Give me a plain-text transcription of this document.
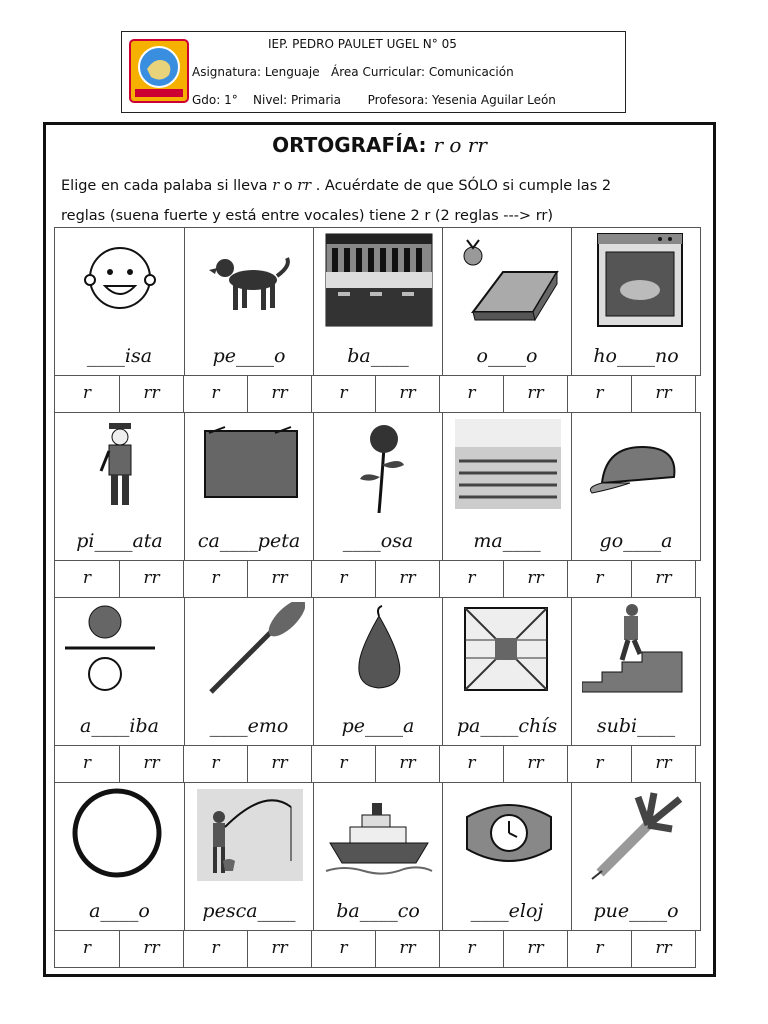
IEP. PEDRO PAULET UGEL N° 05
Asignatura: Lenguaje   Área Curricular: Comunicación
Gdo: 1°    Nivel: Primaria       Profesora: Yesenia Aguilar León
ORTOGRAFÍA: r o rr
Elige en cada palaba si lleva r o rr . Acuérdate de que SÓLO si cumple las 2
reglas (suena fuerte y está entre vocales) tiene 2 r (2 reglas ---> rr)
____isa	pe____o	ba____	o____o	ho____no
r	rr	r	rr	r	rr	r	rr	r	rr
pi____ata	ca____peta	____osa	ma____	go____a
r	rr	r	rr	r	rr	r	rr	r	rr
a____iba	____emo	pe____a	pa____chís	subi____
r	rr	r	rr	r	rr	r	rr	r	rr
a____o	pesca____	ba____co	____eloj	pue____o
r	rr	r	rr	r	rr	r	rr	r	rr
